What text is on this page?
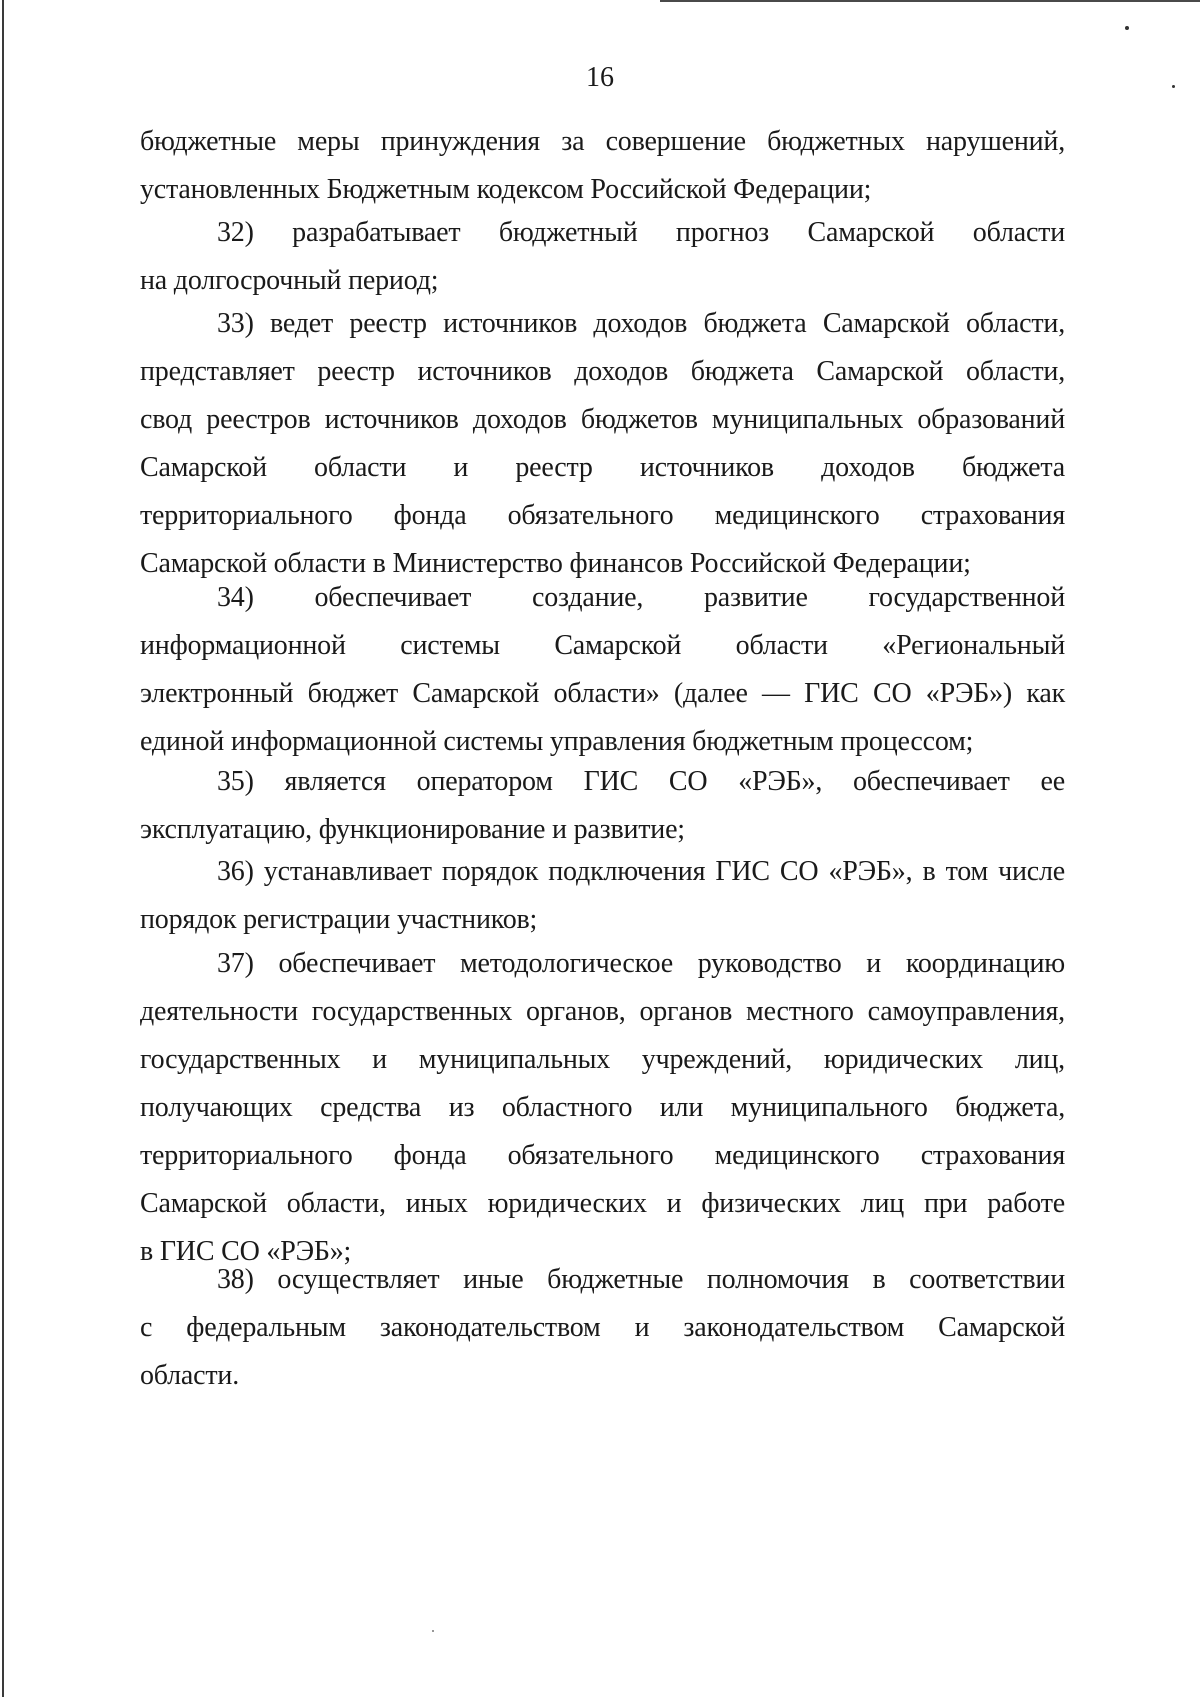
16

бюджетные меры принуждения за совершение бюджетных нарушений,
установленных Бюджетным кодексом Российской Федерации;

32) разрабатывает бюджетный прогноз Самарской области
на долгосрочный период;

33) ведет реестр источников доходов бюджета Самарской области,
представляет реестр источников доходов бюджета Самарской области,
свод реестров источников доходов бюджетов муниципальных образований
Самарской области и реестр источников доходов бюджета
территориального фонда обязательного медицинского страхования
Самарской области в Министерство финансов Российской Федерации;

34) обеспечивает создание, развитие государственной
информационной системы Самарской области «Региональный
электронный бюджет Самарской области» (далее — ГИС СО «РЭБ») как
единой информационной системы управления бюджетным процессом;

35) является оператором ГИС СО «РЭБ», обеспечивает ее
эксплуатацию, функционирование и развитие;

36) устанавливает порядок подключения ГИС СО «РЭБ», в том числе
порядок регистрации участников;

37) обеспечивает методологическое руководство и координацию
деятельности государственных органов, органов местного самоуправления,
государственных и муниципальных учреждений, юридических лиц,
получающих средства из областного или муниципального бюджета,
территориального фонда обязательного медицинского страхования
Самарской области, иных юридических и физических лиц при работе
в ГИС СО «РЭБ»;

38) осуществляет иные бюджетные полномочия в соответствии
с федеральным законодательством и законодательством Самарской
области.
